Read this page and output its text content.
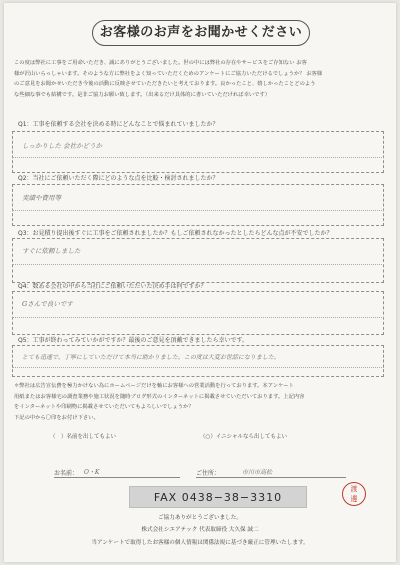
お客様のお声をお聞かせください
この度は弊社に工事をご用命いただき、誠にありがとうございました。世の中には弊社の存在やサービスをご存知ない お客
様が沢山いらっしゃいます。そのような方に弊社をよく知っていただくためのアンケートにご協力いただけるでしょうか？ お客様
のご意見をお聞かせいただき今後の活動に反映させていただきたいと考えております。良かったこと、嬉しかったことどのよう
な些細な事でも結構です。是非ご協力お願い致します。（出来るだけ具体的に書いていただければ幸いです）
Q1：工事を依頼する会社を決める時にどんなことで悩まれていましたか？
しっかりした 会社かどうか
Q2：当社にご依頼いただく際にどのような点を比較・検討されましたか？
実績や費用等
Q3：お見積り提出後すぐに工事をご依頼されましたか？もしご依頼されなかったとしたらどんな点が不安でしたか？
すぐに依頼しました
Q4：数ある会社の中から当社にご依頼いただいた決め手は何ですか？
Gさんで良いです
Q5：工事が終わってみていかがですか？最後のご意見を頂戴できましたら幸いです。
とても迅速で、丁寧にしていただけて本当に助かりました。この度は大変お世話になりました。
＊弊社は広告宣伝費を極力かけない為にホームページだけを軸にお客様への営業活動を行っております。本アンケート
用紙またはお客様宅の調査業務や施工状況を随時ブログ形式のインターネットに掲載させていただいております。上記内容
をインターネットや印刷物に掲載させていただいてもよろしいでしょうか？
下記の中から〇印をお付け下さい。
（　）名前を出してもよい	（○）イニシャルなら出してもよい
お名前： O・K	ご住所：	市川市高松
FAX 0438−38−3310
渡
邊
ご協力ありがとうございました。
株式会社シエアテック 代表取締役 大久保 誠二
当アンケートで取得したお客様の個人情報は関係法規に基づき厳正に管理いたします。
